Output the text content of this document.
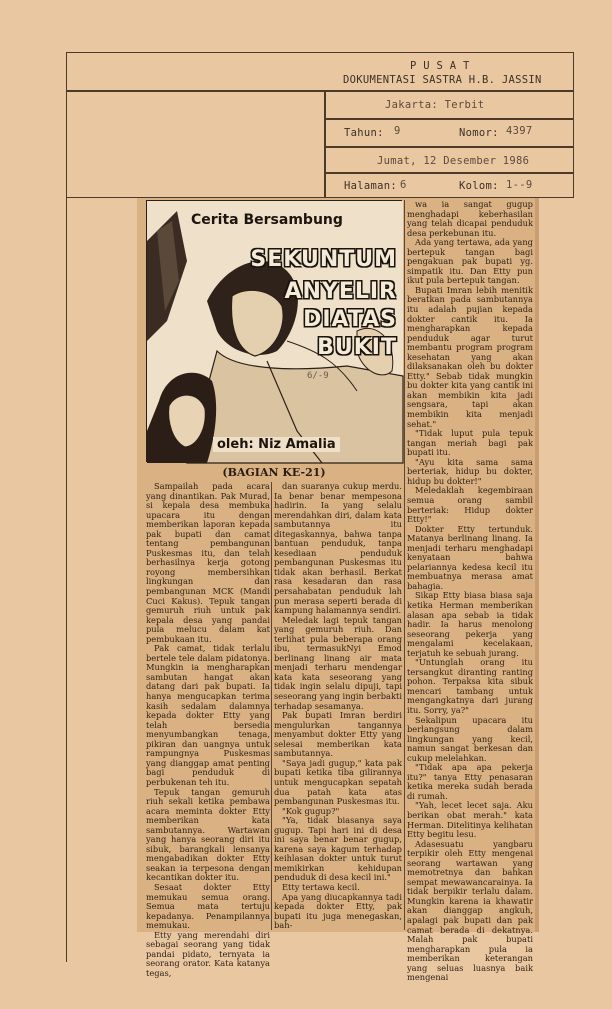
P U S A T
DOKUMENTASI SASTRA H.B. JASSIN
Jakarta: Terbit
Tahun: 9	Nomor: 4397
Jumat, 12 Desember 1986
Halaman: 6	Kolom: 1--9
Cerita Bersambung
SEKUNTUM
ANYELIR
DIATAS
BUKIT
6/-9
oleh: Niz Amalia
(BAGIAN KE-21)

Sampailah pada acara yang dinantikan. Pak Murad, si kepala desa membuka upacara itu dengan memberikan laporan kepada pak bupati dan camat tentang pembangunan Puskesmas itu, dan telah berhasilnya kerja gotong royong membersihkan lingkungan dan pembangunan MCK (Mandi Cuci Kakus). Tepuk tangan gemuruh riuh untuk pak kepala desa yang pandai pula melucu dalam kat pembukaan itu.

Pak camat, tidak terlalu bertele tele dalam pidatonya. Mungkin ia mengharapkan sambutan hangat akan datang dari pak bupati. Ia hanya mengucapkan terima kasih sedalam dalamnya kepada dokter Etty yang telah bersedia menyumbangkan tenaga, pikiran dan uangnya untuk rampungnya Puskesmas yang dianggap amat penting bagi penduduk di perbukenan teh itu.

Tepuk tangan gemuruh riuh sekali ketika pembawa acara meminta dokter Etty memberikan kata sambutannya. Wartawan yang hanya seorang diri itu sibuk, barangkali lensanya mengabadikan dokter Etty seakan ia terpesona dengan kecantikan dokter itu.

Sesaat dokter Etty memukau semua orang. Semua mata tertuju kepadanya. Penampilannya memukau.

Etty yang merendahi diri sebagai seorang yang tidak pandai pidato, ternyata ia seorang orator. Kata katanya tegas,

dan suaranya cukup merdu. Ia benar benar mempesona hadirin. Ia yang selalu merendahkan diri, dalam kata sambutannya itu ditegaskannya, bahwa tanpa bantuan penduduk, tanpa kesediaan penduduk pembangunan Puskesmas itu tidak akan berhasil. Berkat rasa kesadaran dan rasa persahabatan penduduk lah pun merasa seperti berada di kampung halamannya sendiri.

Meledak lagi tepuk tangan yang gemuruh riuh. Dan terlihat pula beberapa orang ibu, termasukNyi Emod berlinang linang air mata menjadi terharu mendengar kata kata seseorang yang tidak ingin selalu dipuji, tapi seseorang yang ingin berbakti terhadap sesamanya.

Pak bupati Imran berdiri mengulurkan tangannya menyambut dokter Etty yang selesai memberikan kata sambutannya.

"Saya jadi gugup," kata pak bupati ketika tiba gilirannya untuk mengucapkan sepatah dua patah kata atas pembangunan Puskesmas itu.

"Kok gugup?"

"Ya, tidak biasanya saya gugup. Tapi hari ini di desa ini saya benar benar gugup, karena saya kagum terhadap keihlasan dokter untuk turut memikirkan kehidupan penduduk di desa kecil ini."

Etty tertawa kecil.

Apa yang diucapkannya tadi kepada dokter Etty, pak bupati itu juga menegaskan, bah-

wa ia sangat gugup menghadapi keberhasilan yang telah dicapai penduduk desa perkebunan itu.

Ada yang tertawa, ada yang bertepuk tangan bagi pengakuan pak bupati yg. simpatik itu. Dan Etty pun ikut pula bertepuk tangan.

Bupati Imran lebih menitik beratkan pada sambutannya itu adalah pujian kepada dokter cantik itu. Ia mengharapkan kepada penduduk agar turut membantu program program kesehatan yang akan dilaksanakan oleh bu dokter Etty." Sebab tidak mungkin bu dokter kita yang cantik ini akan membikin kita jadi sengsara, tapi akan membikin kita menjadi sehat."

"Tidak luput pula tepuk tangan meriah bagi pak bupati itu.

"Ayu kita sama sama berteriak, hidup bu dokter, hidup bu dokter!"

Meledaklah kegembiraan semua orang sambil berteriak: Hidup dokter Etty!"

Dokter Etty tertunduk. Matanya berlinang linang. Ia menjadi terharu menghadapi kenyataan bahwa pelariannya kedesa kecil itu membuatnya merasa amat bahagia.

Sikap Etty biasa biasa saja ketika Herman memberikan alasan apa sebab ia tidak hadir. Ia harus menolong seseorang pekerja yang mengalami kecelakaan, terjatuh ke sebuah jurang.

"Untunglah orang itu tersangkut diranting ranting pohon. Terpaksa kita sibuk mencari tambang untuk mengangkatnya dari jurang itu. Sorry, ya?"

Sekalipun upacara itu berlangsung dalam lingkungan yang kecil, namun sangat berkesan dan cukup melelahkan.

"Tidak apa apa pekerja itu?" tanya Etty penasaran ketika mereka sudah berada di rumah.

"Yah, lecet lecet saja. Aku berikan obat merah." kata Herman. Ditelitinya kelihatan Etty begitu lesu.

Adasesuatu yangbaru terpikir oleh Etty mengenai seorang wartawan yang memotretnya dan bahkan sempat mewawancarainya. Ia tidak berpikir terlalu dalam. Mungkin karena ia khawatir akan dianggap angkuh, apalagi pak bupati dan pak camat berada di dekatnya. Malah pak bupati mengharapkan pula ia memberikan keterangan yang seluas luasnya baik mengenai
